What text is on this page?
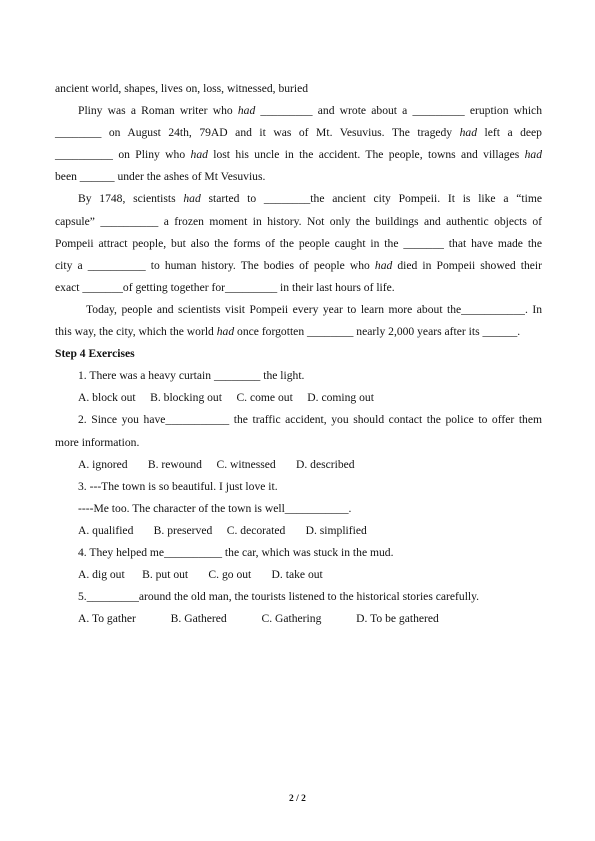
ancient world, shapes, lives on, loss, witnessed, buried
Pliny was a Roman writer who had _________ and wrote about a _________ eruption which
________ on August 24th, 79AD and it was of Mt. Vesuvius. The tragedy had left a deep
__________ on Pliny who had lost his uncle in the accident. The people, towns and villages had
been ______ under the ashes of Mt Vesuvius.
By 1748, scientists had started to ________the ancient city Pompeii. It is like a “time
capsule” __________ a frozen moment in history. Not only the buildings and authentic objects of
Pompeii attract people, but also the forms of the people caught in the _______ that have made the
city a __________ to human history. The bodies of people who had died in Pompeii showed their
exact _______of getting together for_________ in their last hours of life.
Today, people and scientists visit Pompeii every year to learn more about the___________. In
this way, the city, which the world had once forgotten ________ nearly 2,000 years after its ______.
Step 4 Exercises
1. There was a heavy curtain ________ the light.
A. block out     B. blocking out     C. come out     D. coming out
2. Since you have___________ the traffic accident, you should contact the police to offer them
more information.
A. ignored       B. rewound     C. witnessed       D. described
3. ---The town is so beautiful. I just love it.
----Me too. The character of the town is well___________.
A. qualified       B. preserved     C. decorated       D. simplified
4. They helped me__________ the car, which was stuck in the mud.
A. dig out      B. put out       C. go out       D. take out
5._________around the old man, the tourists listened to the historical stories carefully.
A. To gather            B. Gathered            C. Gathering            D. To be gathered
2 / 2
